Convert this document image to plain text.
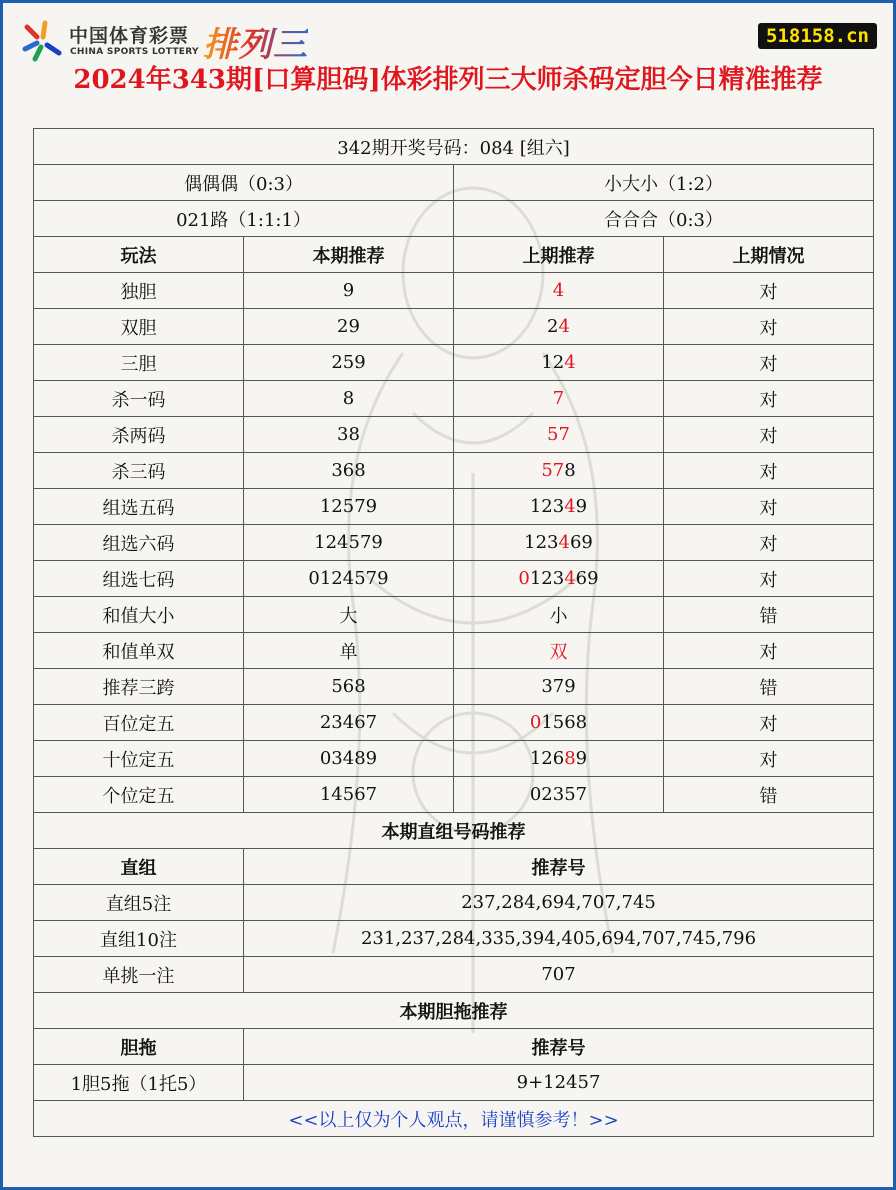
中国体育彩票
CHINA SPORTS LOTTERY 排列三	518158.cn
2024年343期[口算胆码]体彩排列三大师杀码定胆今日精准推荐
342期开奖号码：084 [组六]			
偶偶偶（0:3）		小大小（1:2）	
021路（1:1:1）		合合合（0:3）	
玩法	本期推荐	上期推荐	上期情况
独胆	9	4	对
双胆	29	24	对
三胆	259	124	对
杀一码	8	7	对
杀两码	38	57	对
杀三码	368	578	对
组选五码	12579	12349	对
组选六码	124579	123469	对
组选七码	0124579	0123469	对
和值大小	大	小	错
和值单双	单	双	对
推荐三跨	568	379	错
百位定五	23467	01568	对
十位定五	03489	12689	对
个位定五	14567	02357	错
本期直组号码推荐			
直组	推荐号		
直组5注	237,284,694,707,745		
直组10注	231,237,284,335,394,405,694,707,745,796		
单挑一注	707		
本期胆拖推荐			
胆拖	推荐号		
1胆5拖（1托5）	9+12457		
<<以上仅为个人观点，请谨慎参考！>>			
